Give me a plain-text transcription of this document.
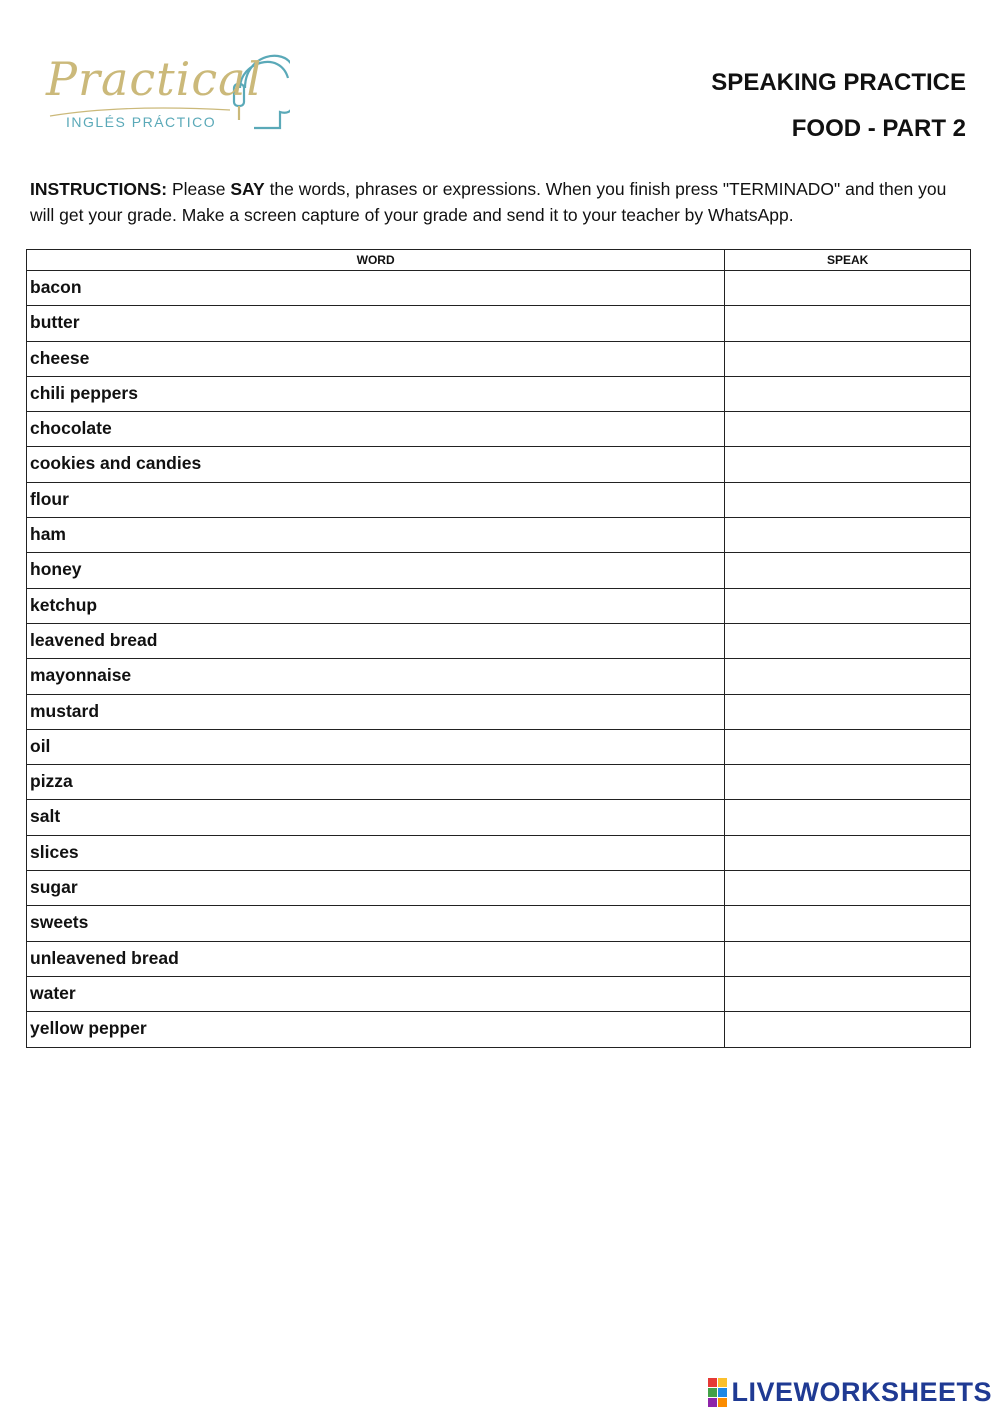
Practical
INGLÉS PRÁCTICO
SPEAKING PRACTICE
FOOD - PART 2
INSTRUCTIONS: Please SAY the words, phrases or expressions. When you finish press "TERMINADO" and then you will get your grade. Make a screen capture of your grade and send it to your teacher by WhatsApp.
WORD	SPEAK
bacon	
butter	
cheese	
chili peppers	
chocolate	
cookies and candies	
flour	
ham	
honey	
ketchup	
leavened bread	
mayonnaise	
mustard	
oil	
pizza	
salt	
slices	
sugar	
sweets	
unleavened bread	
water	
yellow pepper	
LIVEWORKSHEETS
